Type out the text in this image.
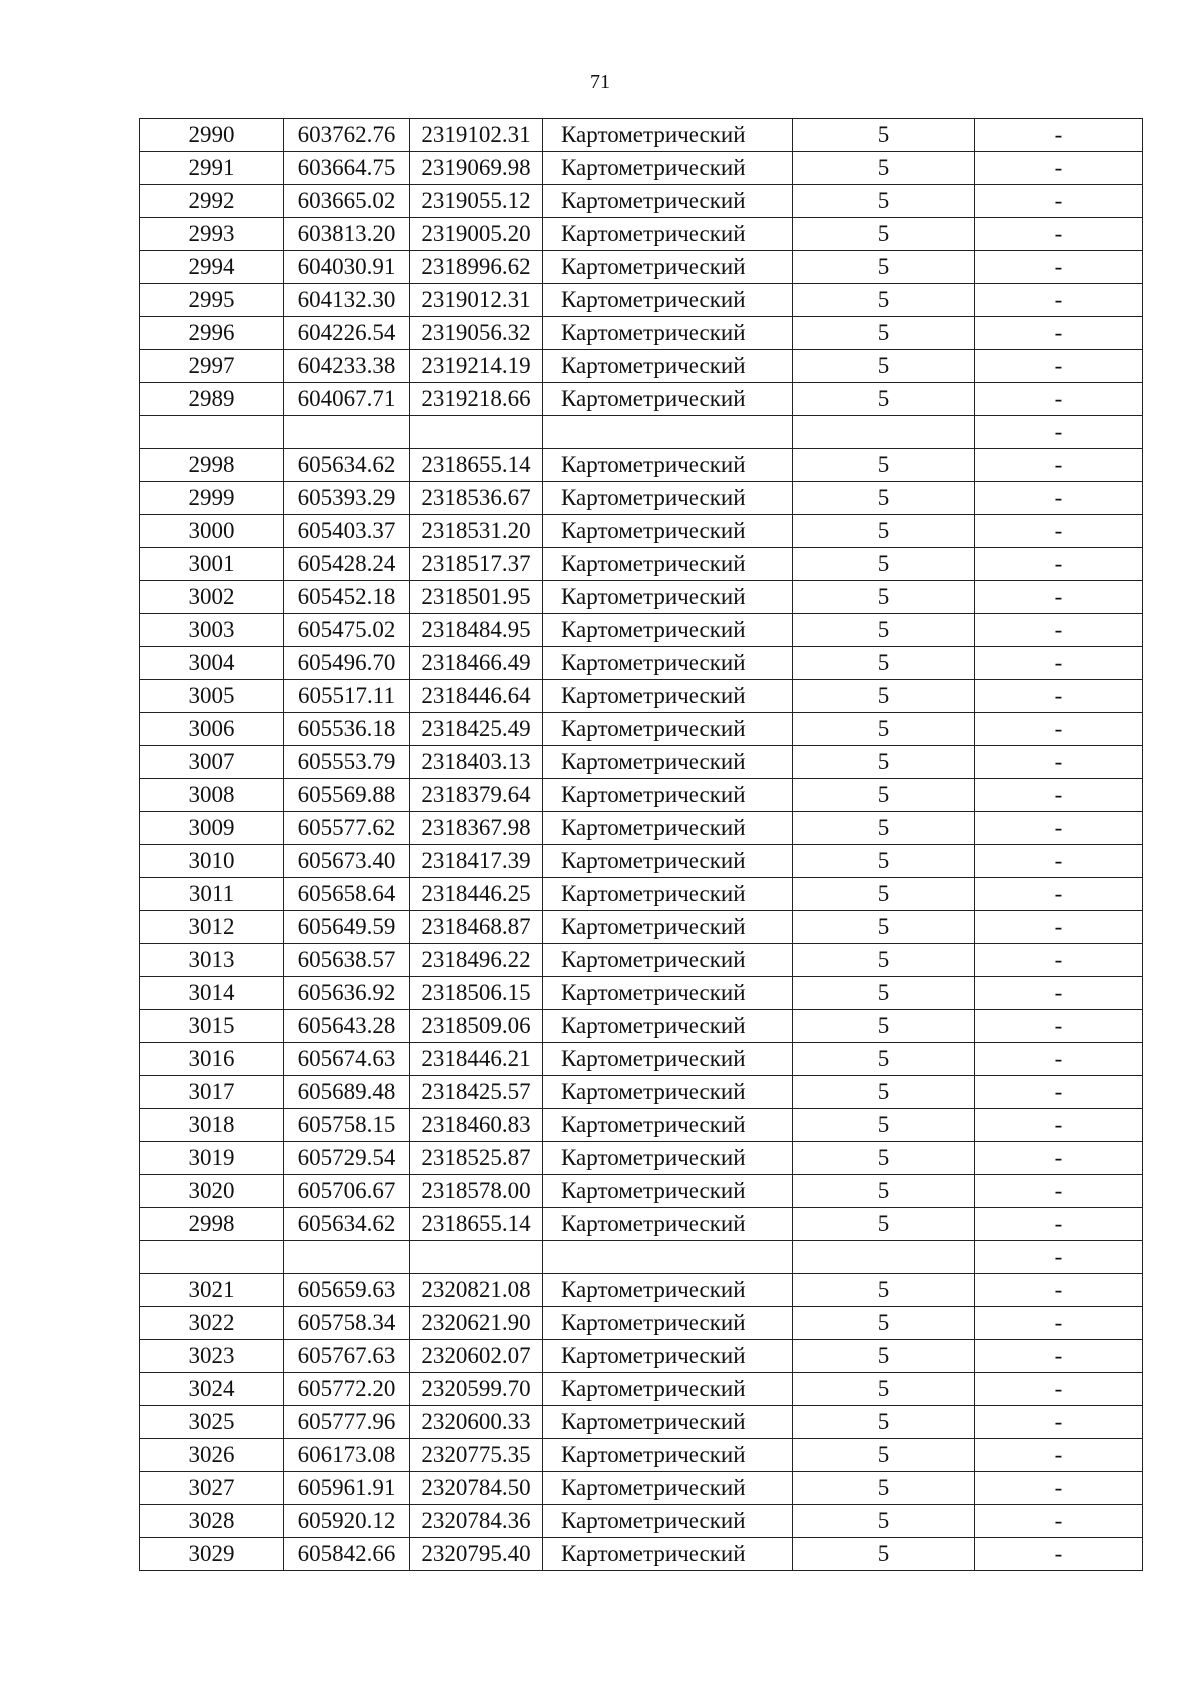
71
2990	603762.76	2319102.31	Картометрический	5	-
2991	603664.75	2319069.98	Картометрический	5	-
2992	603665.02	2319055.12	Картометрический	5	-
2993	603813.20	2319005.20	Картометрический	5	-
2994	604030.91	2318996.62	Картометрический	5	-
2995	604132.30	2319012.31	Картометрический	5	-
2996	604226.54	2319056.32	Картометрический	5	-
2997	604233.38	2319214.19	Картометрический	5	-
2989	604067.71	2319218.66	Картометрический	5	-
					-
2998	605634.62	2318655.14	Картометрический	5	-
2999	605393.29	2318536.67	Картометрический	5	-
3000	605403.37	2318531.20	Картометрический	5	-
3001	605428.24	2318517.37	Картометрический	5	-
3002	605452.18	2318501.95	Картометрический	5	-
3003	605475.02	2318484.95	Картометрический	5	-
3004	605496.70	2318466.49	Картометрический	5	-
3005	605517.11	2318446.64	Картометрический	5	-
3006	605536.18	2318425.49	Картометрический	5	-
3007	605553.79	2318403.13	Картометрический	5	-
3008	605569.88	2318379.64	Картометрический	5	-
3009	605577.62	2318367.98	Картометрический	5	-
3010	605673.40	2318417.39	Картометрический	5	-
3011	605658.64	2318446.25	Картометрический	5	-
3012	605649.59	2318468.87	Картометрический	5	-
3013	605638.57	2318496.22	Картометрический	5	-
3014	605636.92	2318506.15	Картометрический	5	-
3015	605643.28	2318509.06	Картометрический	5	-
3016	605674.63	2318446.21	Картометрический	5	-
3017	605689.48	2318425.57	Картометрический	5	-
3018	605758.15	2318460.83	Картометрический	5	-
3019	605729.54	2318525.87	Картометрический	5	-
3020	605706.67	2318578.00	Картометрический	5	-
2998	605634.62	2318655.14	Картометрический	5	-
					-
3021	605659.63	2320821.08	Картометрический	5	-
3022	605758.34	2320621.90	Картометрический	5	-
3023	605767.63	2320602.07	Картометрический	5	-
3024	605772.20	2320599.70	Картометрический	5	-
3025	605777.96	2320600.33	Картометрический	5	-
3026	606173.08	2320775.35	Картометрический	5	-
3027	605961.91	2320784.50	Картометрический	5	-
3028	605920.12	2320784.36	Картометрический	5	-
3029	605842.66	2320795.40	Картометрический	5	-
